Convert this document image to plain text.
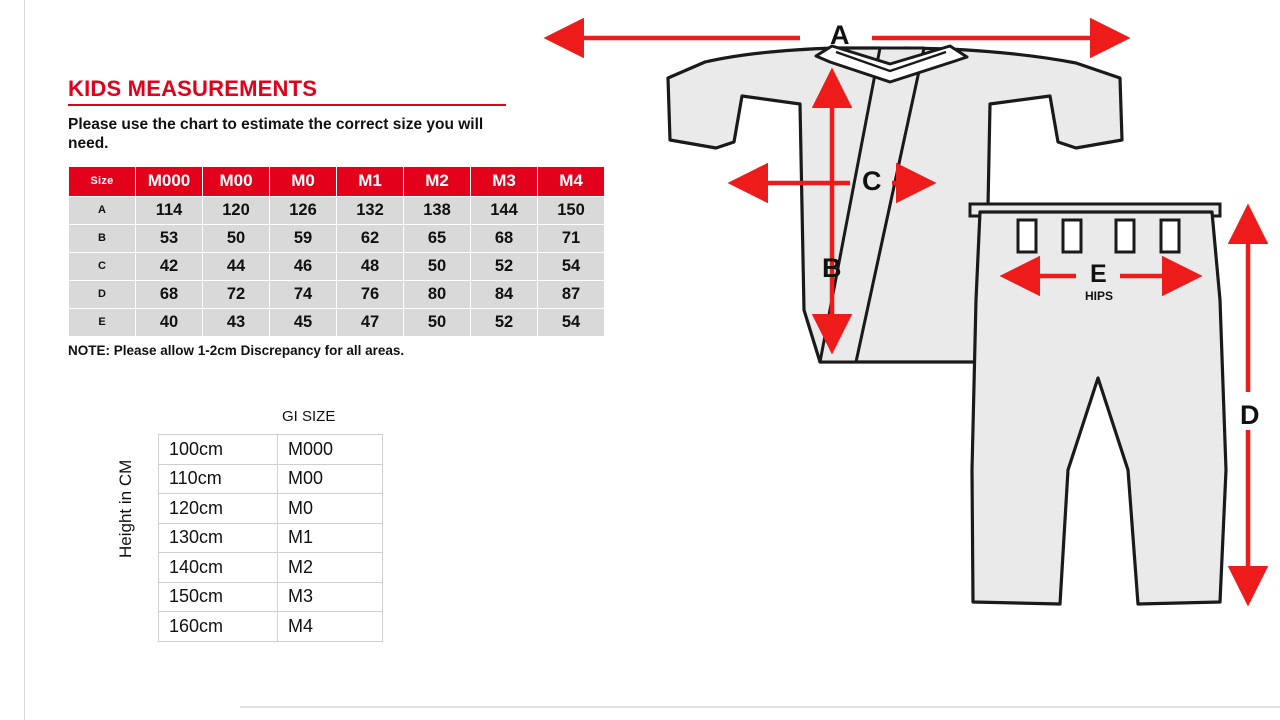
KIDS MEASUREMENTS
Please use the chart to estimate the correct size you will need.
Size	M000	M00	M0	M1	M2	M3	M4
A	114	120	126	132	138	144	150
B	53	50	59	62	65	68	71
C	42	44	46	48	50	52	54
D	68	72	74	76	80	84	87
E	40	43	45	47	50	52	54
NOTE: Please allow 1-2cm Discrepancy for all areas.
GI SIZE
Height in CM
100cm	M000
110cm	M00
120cm	M0
130cm	M1
140cm	M2
150cm	M3
160cm	M4
A
B
C
D
E
HIPS
